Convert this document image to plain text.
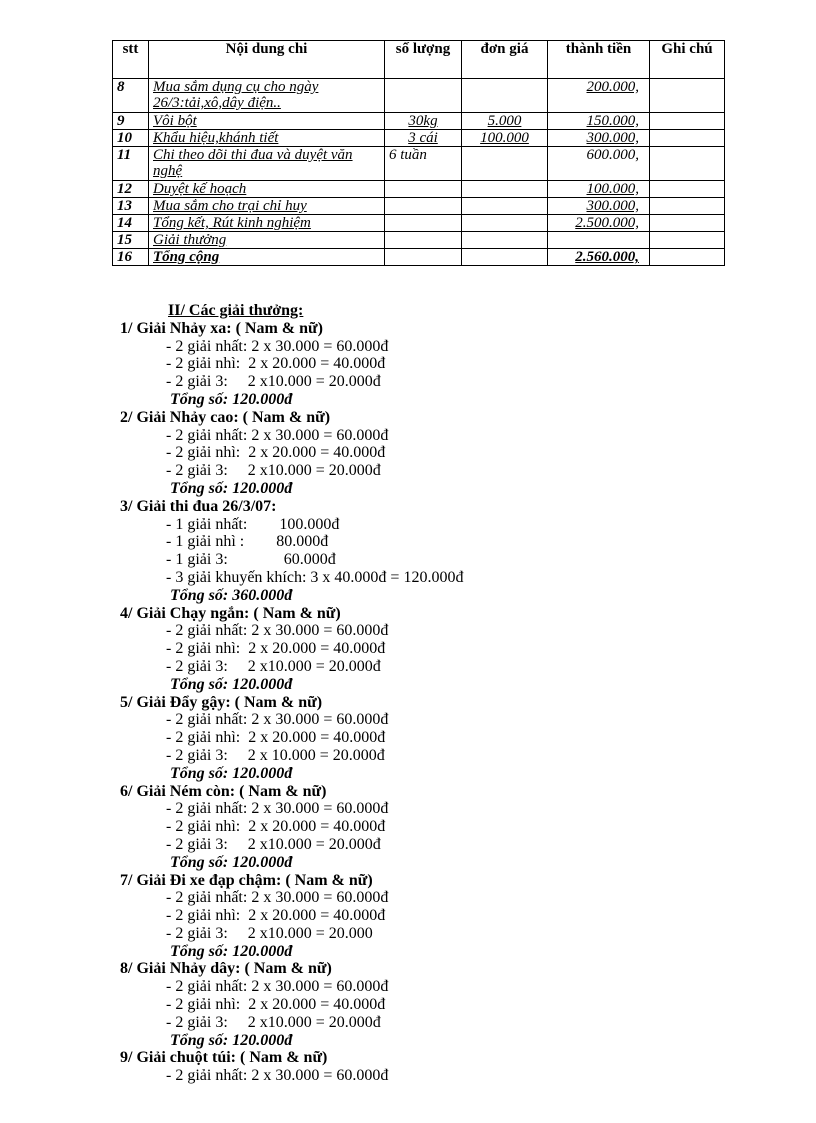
stt	Nội dung chi	số lượng	đơn giá	thành tiền	Ghi chú
8	Mua sắm dụng cụ cho ngày 26/3:tải,xô,dây điện..			200.000,	
9	Vôi bột	30kg	5.000	150.000,	
10	Khẩu hiệu,khánh tiết	3 cái	100.000	300.000,	
11	Chi theo dõi thi đua và duyệt văn nghệ	6 tuần		600.000,	
12	Duyệt kế hoạch			100.000,	
13	Mua sắm cho trại chỉ huy			300.000,	
14	Tổng kết, Rút kinh nghiệm			2.500.000,	
15	Giải thưởng				
16	Tổng cộng			2.560.000,	
II/ Các giải thưởng:
1/ Giải Nhảy xa: ( Nam & nữ)
- 2 giải nhất: 2 x 30.000 = 60.000đ
- 2 giải nhì:  2 x 20.000 = 40.000đ
- 2 giải 3:     2 x10.000 = 20.000đ
Tổng số: 120.000đ
2/ Giải Nhảy cao: ( Nam & nữ)
- 2 giải nhất: 2 x 30.000 = 60.000đ
- 2 giải nhì:  2 x 20.000 = 40.000đ
- 2 giải 3:     2 x10.000 = 20.000đ
Tổng số: 120.000đ
3/ Giải thi đua 26/3/07:
- 1 giải nhất:        100.000đ
- 1 giải nhì :        80.000đ
- 1 giải 3:              60.000đ
- 3 giải khuyến khích: 3 x 40.000đ = 120.000đ
Tổng số: 360.000đ
4/ Giải Chạy ngắn: ( Nam & nữ)
- 2 giải nhất: 2 x 30.000 = 60.000đ
- 2 giải nhì:  2 x 20.000 = 40.000đ
- 2 giải 3:     2 x10.000 = 20.000đ
Tổng số: 120.000đ
5/ Giải Đẩy gậy: ( Nam & nữ)
- 2 giải nhất: 2 x 30.000 = 60.000đ
- 2 giải nhì:  2 x 20.000 = 40.000đ
- 2 giải 3:     2 x 10.000 = 20.000đ
Tổng số: 120.000đ
6/ Giải Ném còn: ( Nam & nữ)
- 2 giải nhất: 2 x 30.000 = 60.000đ
- 2 giải nhì:  2 x 20.000 = 40.000đ
- 2 giải 3:     2 x10.000 = 20.000đ
Tổng số: 120.000đ
7/ Giải Đi xe đạp chậm: ( Nam & nữ)
- 2 giải nhất: 2 x 30.000 = 60.000đ
- 2 giải nhì:  2 x 20.000 = 40.000đ
- 2 giải 3:     2 x10.000 = 20.000
Tổng số: 120.000đ
8/ Giải Nhảy dây: ( Nam & nữ)
- 2 giải nhất: 2 x 30.000 = 60.000đ
- 2 giải nhì:  2 x 20.000 = 40.000đ
- 2 giải 3:     2 x10.000 = 20.000đ
Tổng số: 120.000đ
9/ Giải chuột túi: ( Nam & nữ)
- 2 giải nhất: 2 x 30.000 = 60.000đ
